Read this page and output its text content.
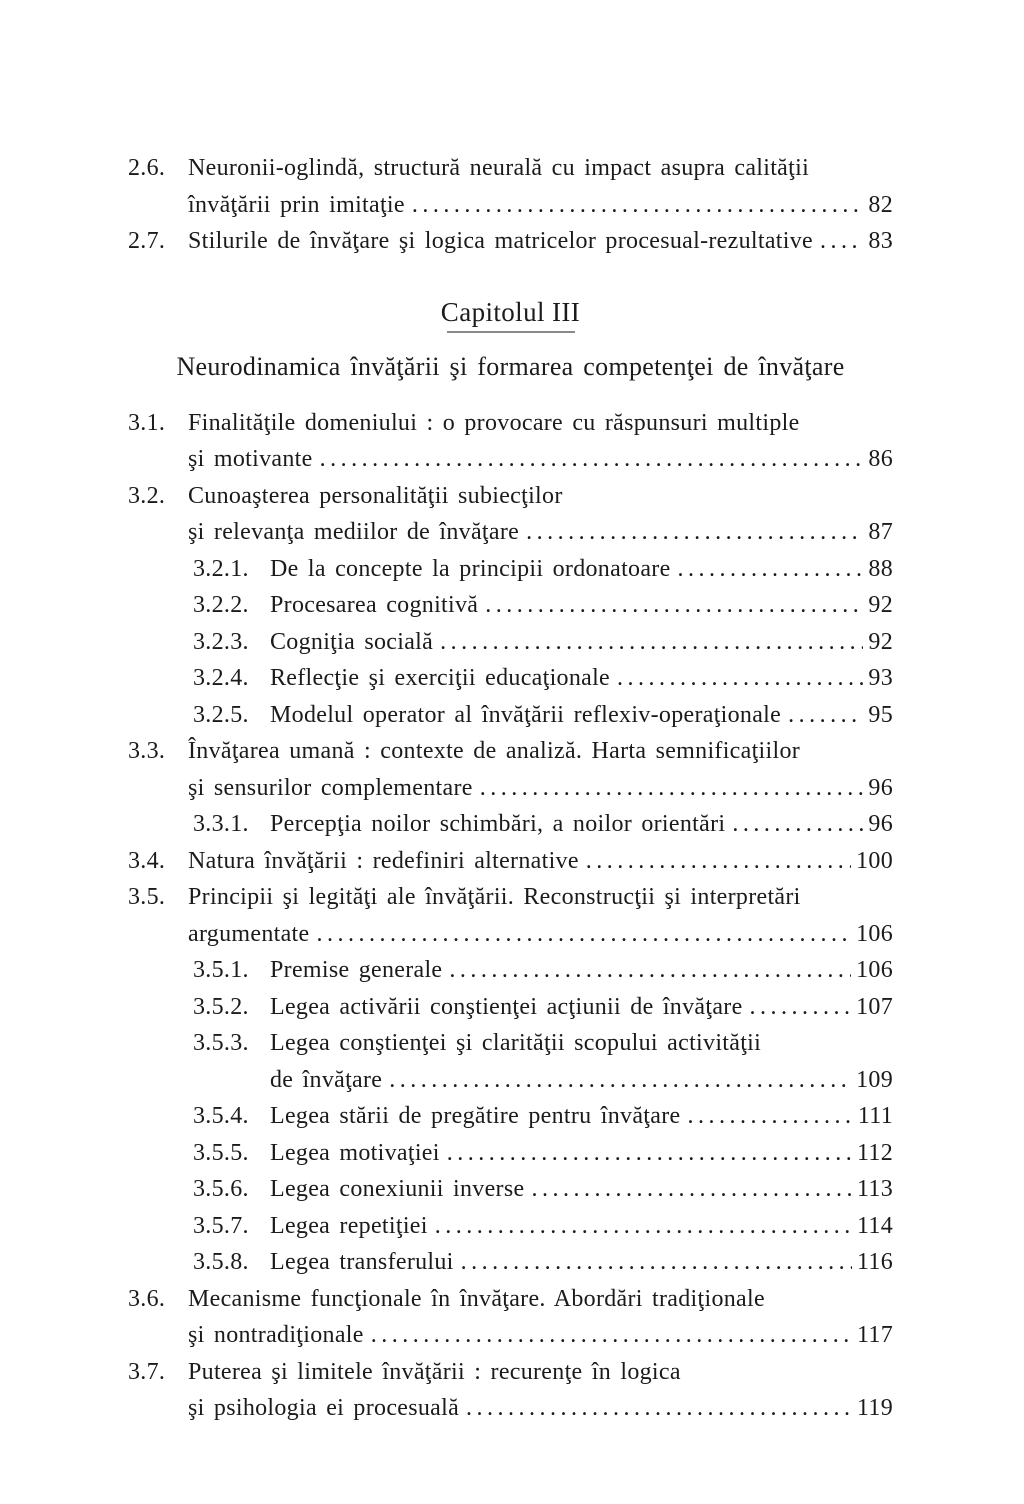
2.6. Neuronii-oglindă, structură neurală cu impact asupra calităţii
învăţării prin imitaţie .....	82
2.7. Stilurile de învăţare şi logica matricelor procesual-rezultative ..... 83
Capitolul III
Neurodinamica învăţării şi formarea competenţei de învăţare
3.1. Finalităţile domeniului : o provocare cu răspunsuri multiple
şi motivante .....	86
3.2. Cunoaşterea personalităţii subiecţilor
şi relevanţa mediilor de învăţare .....	87
3.2.1. De la concepte la principii ordonatoare .....	88
3.2.2. Procesarea cognitivă .....	92
3.2.3. Cogniţia socială .....	92
3.2.4. Reflecţie şi exerciţii educaţionale .....	93
3.2.5. Modelul operator al învăţării reflexiv-operaţionale .....	95
3.3. Învăţarea umană : contexte de analiză. Harta semnificaţiilor
şi sensurilor complementare .....	96
3.3.1. Percepţia noilor schimbări, a noilor orientări .....	96
3.4. Natura învăţării : redefiniri alternative .....	100
3.5. Principii şi legităţi ale învăţării. Reconstrucţii şi interpretări
argumentate .....	106
3.5.1. Premise generale .....	106
3.5.2. Legea activării conştienţei acţiunii de învăţare .....	107
3.5.3. Legea conştienţei şi clarităţii scopului activităţii
de învăţare .....	109
3.5.4. Legea stării de pregătire pentru învăţare .....	111
3.5.5. Legea motivaţiei .....	112
3.5.6. Legea conexiunii inverse .....	113
3.5.7. Legea repetiţiei .....	114
3.5.8. Legea transferului .....	116
3.6. Mecanisme funcţionale în învăţare. Abordări tradiţionale
şi nontradiţionale .....	117
3.7. Puterea şi limitele învăţării : recurenţe în logica
şi psihologia ei procesuală .....	119
